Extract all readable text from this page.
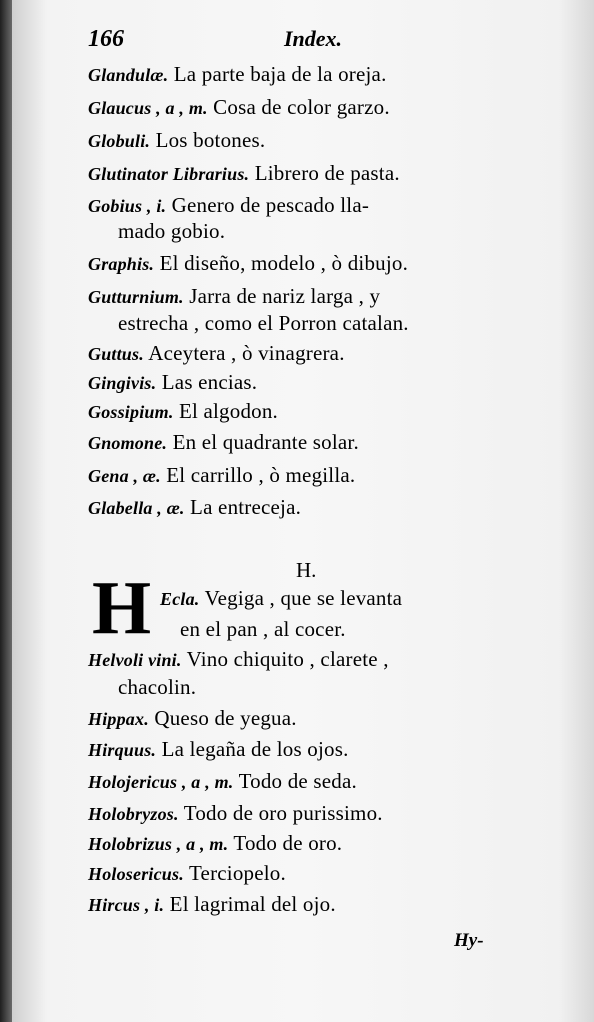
166	Index.
Glandulæ. La parte baja de la oreja.
Glaucus , a , m. Cosa de color garzo.
Globuli. Los botones.
Glutinator Librarius. Librero de pasta.
Gobius , i. Genero de pescado lla-
mado gobio.
Graphis. El diseño, modelo , ò dibujo.
Gutturnium. Jarra de nariz larga , y
estrecha , como el Porron catalan.
Guttus. Aceytera , ò vinagrera.
Gingivis. Las encias.
Gossipium. El algodon.
Gnomone. En el quadrante solar.
Gena , æ. El carrillo , ò megilla.
Glabella , æ. La entreceja.
H.
H Ecla. Vegiga , que se levanta
en el pan , al cocer.
Helvoli vini. Vino chiquito , clarete ,
chacolin.
Hippax. Queso de yegua.
Hirquus. La legaña de los ojos.
Holojericus , a , m. Todo de seda.
Holobryzos. Todo de oro purissimo.
Holobrizus , a , m. Todo de oro.
Holosericus. Terciopelo.
Hircus , i. El lagrimal del ojo.
Hy-
